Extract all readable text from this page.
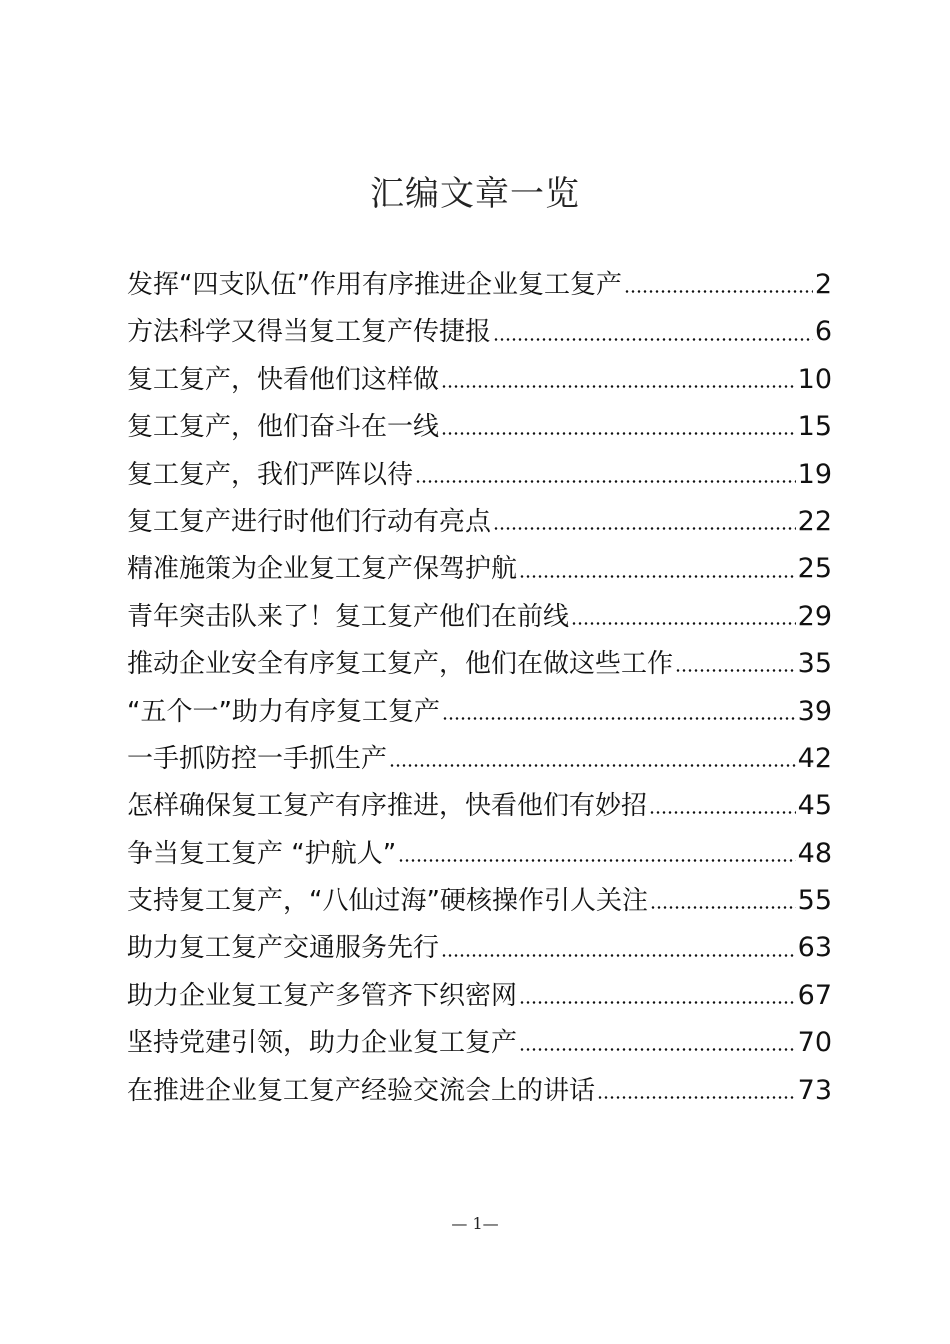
汇编文章一览
发挥“四支队伍”作用有序推进企业复工复产	2
方法科学又得当复工复产传捷报	6
复工复产，快看他们这样做	10
复工复产，他们奋斗在一线	15
复工复产，我们严阵以待	19
复工复产进行时他们行动有亮点	22
精准施策为企业复工复产保驾护航	25
青年突击队来了！复工复产他们在前线	29
推动企业安全有序复工复产，他们在做这些工作	35
“五个一”助力有序复工复产	39
一手抓防控一手抓生产	42
怎样确保复工复产有序推进，快看他们有妙招	45
争当复工复产 “护航人”	48
支持复工复产，“八仙过海”硬核操作引人关注	55
助力复工复产交通服务先行	63
助力企业复工复产多管齐下织密网	67
坚持党建引领，助力企业复工复产	70
在推进企业复工复产经验交流会上的讲话	73
— 1—
